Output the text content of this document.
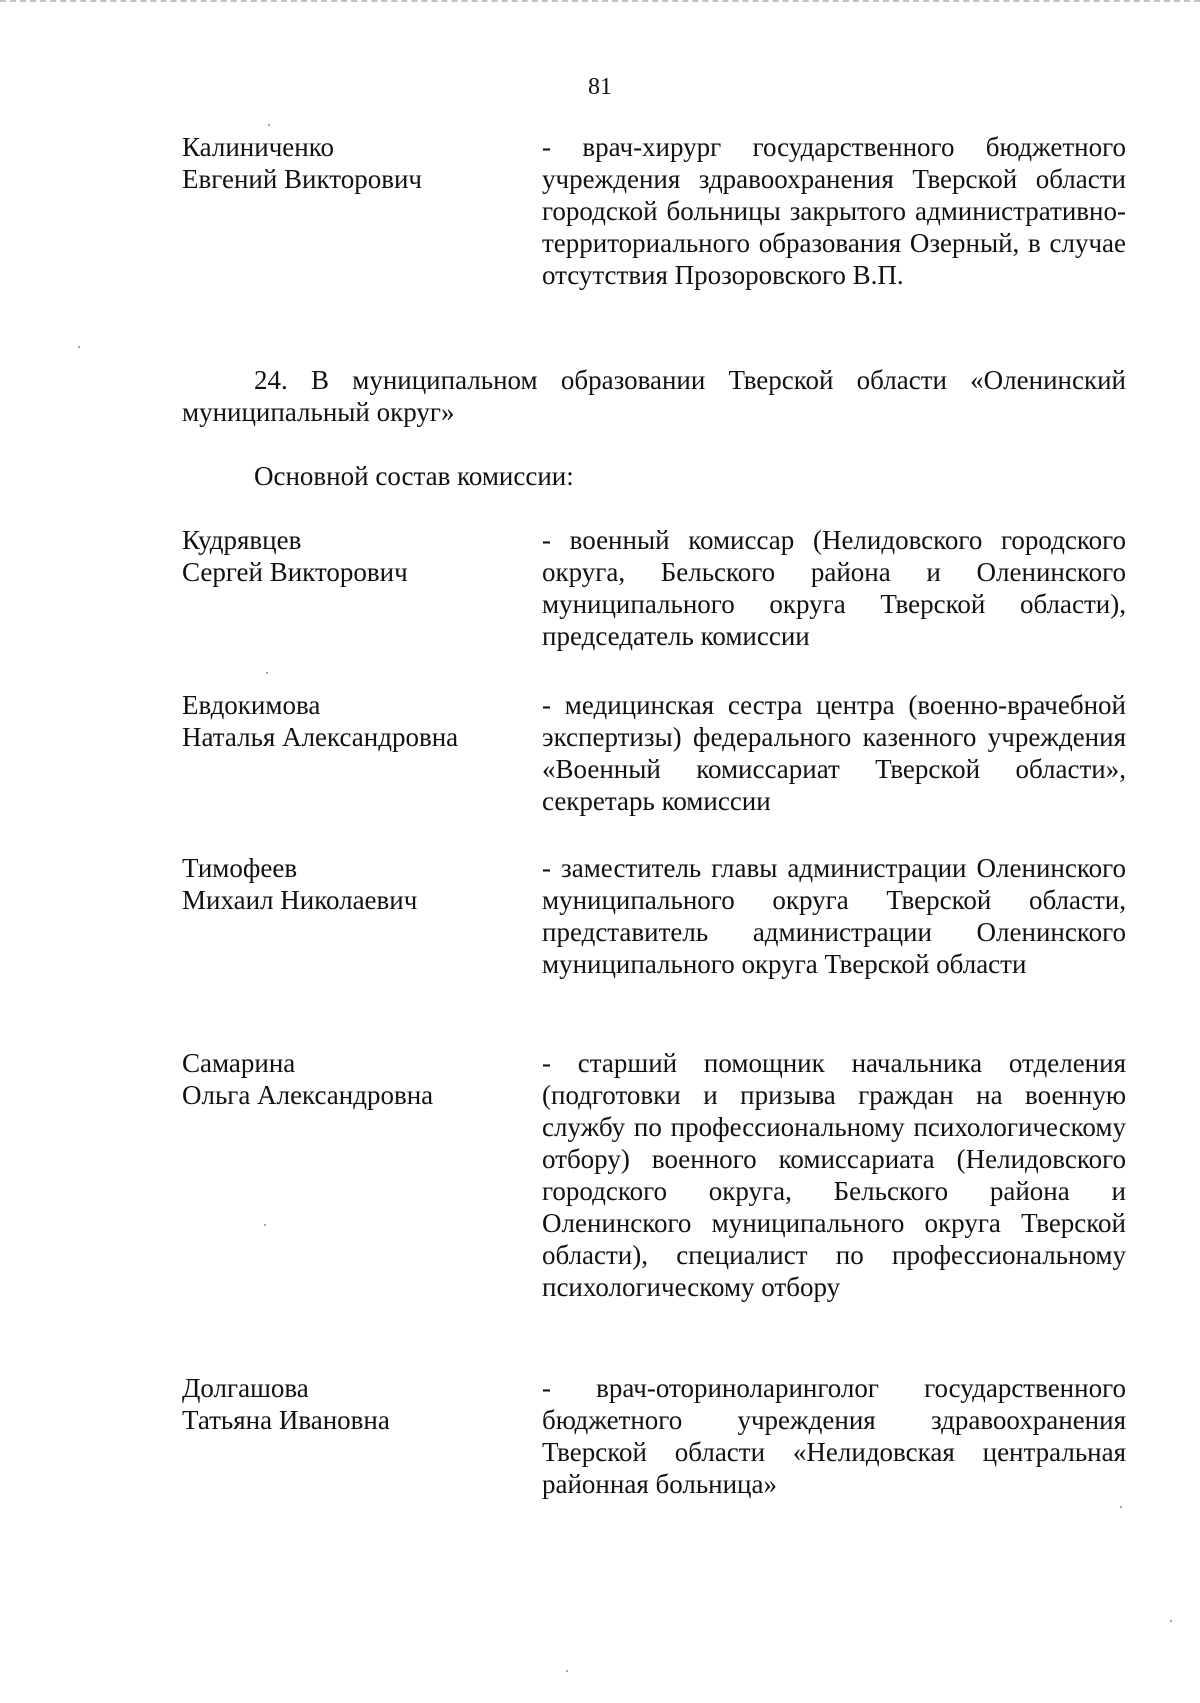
81
Калиниченко
Евгений Викторович
- врач-хирург государственного бюджетного учреждения здравоохранения Тверской области городской больницы закрытого административно-территориального образования Озерный, в случае отсутствия Прозоровского В.П.

24. В муниципальном образовании Тверской области «Оленинский муниципальный округ»

Основной состав комиссии:
Кудрявцев
Сергей Викторович
- военный комиссар (Нелидовского городского округа, Бельского района и Оленинского муниципального округа Тверской области), председатель комиссии
Евдокимова
Наталья Александровна
- медицинская сестра центра (военно-врачебной экспертизы) федерального казенного учреждения «Военный комиссариат Тверской области», секретарь комиссии
Тимофеев
Михаил Николаевич
- заместитель главы администрации Оленинского муниципального округа Тверской области, представитель администрации Оленинского муниципального округа Тверской области
Самарина
Ольга Александровна
- старший помощник начальника отделения (подготовки и призыва граждан на военную службу по профессиональному психологическому отбору) военного комиссариата (Нелидовского городского округа, Бельского района и Оленинского муниципального округа Тверской области), специалист по профессиональному психологическому отбору
Долгашова
Татьяна Ивановна
- врач-оториноларинголог государственного бюджетного учреждения здравоохранения Тверской области «Нелидовская центральная районная больница»
